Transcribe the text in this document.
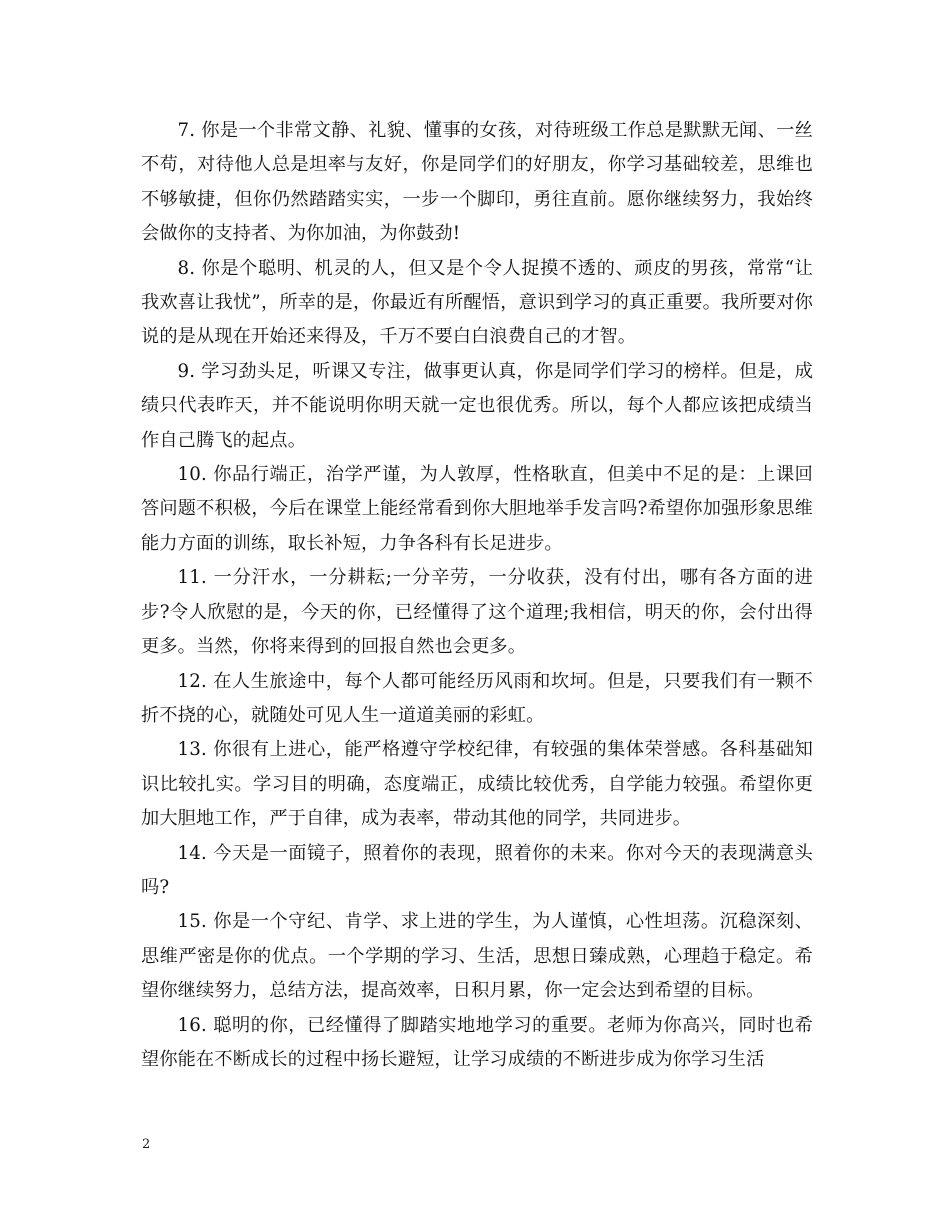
7. 你是一个非常文静、礼貌、懂事的女孩，对待班级工作总是默默无闻、一丝不苟，对待他人总是坦率与友好，你是同学们的好朋友，你学习基础较差，思维也不够敏捷，但你仍然踏踏实实，一步一个脚印，勇往直前。愿你继续努力，我始终会做你的支持者、为你加油，为你鼓劲!

8. 你是个聪明、机灵的人，但又是个令人捉摸不透的、顽皮的男孩，常常“让我欢喜让我忧”，所幸的是，你最近有所醒悟，意识到学习的真正重要。我所要对你说的是从现在开始还来得及，千万不要白白浪费自己的才智。

9. 学习劲头足，听课又专注，做事更认真，你是同学们学习的榜样。但是，成绩只代表昨天，并不能说明你明天就一定也很优秀。所以，每个人都应该把成绩当作自己腾飞的起点。

10. 你品行端正，治学严谨，为人敦厚，性格耿直，但美中不足的是：上课回答问题不积极，今后在课堂上能经常看到你大胆地举手发言吗?希望你加强形象思维能力方面的训练，取长补短，力争各科有长足进步。

11. 一分汗水，一分耕耘;一分辛劳，一分收获，没有付出，哪有各方面的进步?令人欣慰的是，今天的你，已经懂得了这个道理;我相信，明天的你，会付出得更多。当然，你将来得到的回报自然也会更多。

12. 在人生旅途中，每个人都可能经历风雨和坎坷。但是，只要我们有一颗不折不挠的心，就随处可见人生一道道美丽的彩虹。

13. 你很有上进心，能严格遵守学校纪律，有较强的集体荣誉感。各科基础知识比较扎实。学习目的明确，态度端正，成绩比较优秀，自学能力较强。希望你更加大胆地工作，严于自律，成为表率，带动其他的同学，共同进步。

14. 今天是一面镜子，照着你的表现，照着你的未来。你对今天的表现满意头吗?

15. 你是一个守纪、肯学、求上进的学生，为人谨慎，心性坦荡。沉稳深刻、思维严密是你的优点。一个学期的学习、生活，思想日臻成熟，心理趋于稳定。希望你继续努力，总结方法，提高效率，日积月累，你一定会达到希望的目标。

16. 聪明的你，已经懂得了脚踏实地地学习的重要。老师为你高兴，同时也希望你能在不断成长的过程中扬长避短，让学习成绩的不断进步成为你学习生活

2
